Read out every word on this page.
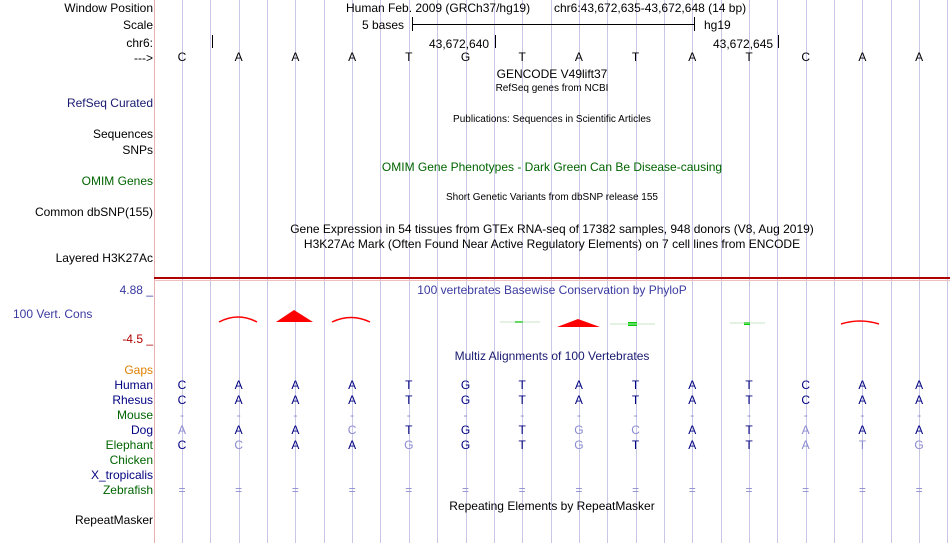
Window Position
Scale
chr6:
--->
Human Feb. 2009 (GRCh37/hg19) chr6:43,672,635-43,672,648 (14 bp)
5 bases	hg19
43,672,640	43,672,645
C	A	A	A	T	G	T	A	T	A	T	C	A	A
GENCODE V49lift37
RefSeq genes from NCBI
RefSeq Curated
Publications: Sequences in Scientific Articles
Sequences
SNPs
OMIM Gene Phenotypes - Dark Green Can Be Disease-causing
OMIM Genes
Short Genetic Variants from dbSNP release 155
Common dbSNP(155)
Gene Expression in 54 tissues from GTEx RNA-seq of 17382 samples, 948 donors (V8, Aug 2019)
H3K27Ac Mark (Often Found Near Active Regulatory Elements) on 7 cell lines from ENCODE
Layered H3K27Ac
4.88 _	100 vertebrates Basewise Conservation by PhyloP
100 Vert. Cons
-4.5 _
Multiz Alignments of 100 Vertebrates
Gaps
Human	C	A	A	A	T	G	T	A	T	A	T	C	A	A
Rhesus	C	A	A	A	T	G	T	A	T	A	T	C	A	A
Mouse	-	-	-	-	-	-	-	-	-	-	-	-	-	-
Dog	A	A	A	C	T	G	T	G	C	A	T	A	A	A
Elephant	C	C	A	A	G	G	T	G	T	A	T	A	T	G
Chicken
X_tropicalis
Zebrafish	=	=	=	=	=	=	=	=	=	=	=	=	=	=
Repeating Elements by RepeatMasker
RepeatMasker
